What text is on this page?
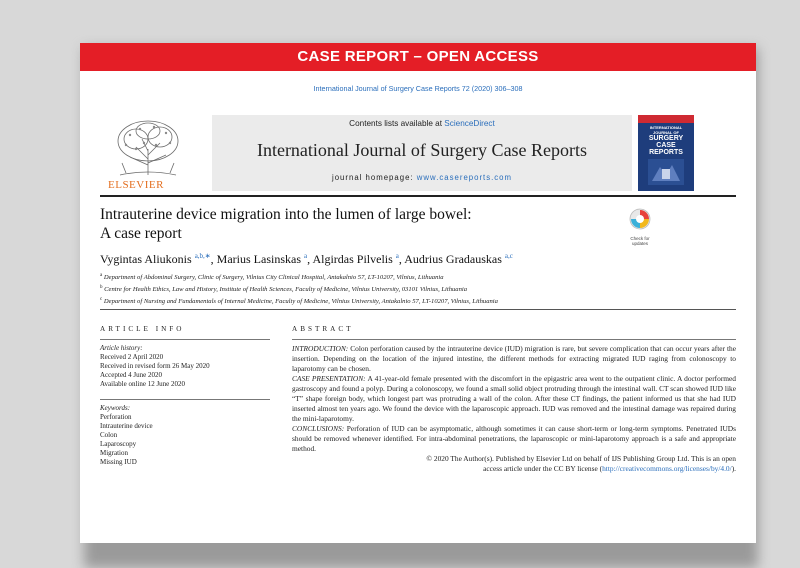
CASE REPORT – OPEN ACCESS
International Journal of Surgery Case Reports 72 (2020) 306–308
ELSEVIER
Contents lists available at ScienceDirect
International Journal of Surgery Case Reports
journal homepage: www.casereports.com
INTERNATIONAL JOURNAL OF
SURGERY
CASE
REPORTS
Intrauterine device migration into the lumen of large bowel:
A case report	Check for updates
Vygintas Aliukonis $^{a,b,∗}$, Marius Lasinskas $^a$, Algirdas Pilvelis $^a$, Audrius Gradauskas $^{a,c}$
$^a$ Department of Abdominal Surgery, Clinic of Surgery, Vilnius City Clinical Hospital, Antakalnio 57, LT-10207, Vilnius, Lithuania
$^b$ Centre for Health Ethics, Law and History, Institute of Health Sciences, Faculty of Medicine, Vilnius University, 03101 Vilnius, Lithuania
$^c$ Department of Nursing and Fundamentals of Internal Medicine, Faculty of Medicine, Vilnius University, Antakalnio 57, LT-10207, Vilnius, Lithuania
ARTICLE INFO	ABSTRACT
Article history:
Received 2 April 2020
Received in revised form 26 May 2020
Accepted 4 June 2020
Available online 12 June 2020
Keywords:
Perforation
Intrauterine device
Colon
Laparoscopy
Migration
Missing IUD
INTRODUCTION: Colon perforation caused by the intrauterine device (IUD) migration is rare, but severe complication that can occur years after the insertion. Depending on the location of the injured intestine, the different methods for extracting migrated IUD raging from colonoscopy to laparotomy can be chosen.
CASE PRESENTATION: A 41-year-old female presented with the discomfort in the epigastric area went to the outpatient clinic. A doctor performed gastroscopy and found a polyp. During a colonoscopy, we found a small solid object protruding through the intestinal wall. CT scan showed IUD like “T” shape foreign body, which longest part was protruding a wall of the colon. After these CT findings, the patient informed us that she had IUD inserted almost ten years ago. We found the device with the laparoscopic approach. IUD was removed and the intestinal damage was repaired during the mini-laparotomy.
CONCLUSIONS: Perforation of IUD can be asymptomatic, although sometimes it can cause short-term or long-term symptoms. Penetrated IUDs should be removed whenever identified. For intra-abdominal penetrations, the laparoscopic or mini-laparotomy approach is a safe and appropriate method.
© 2020 The Author(s). Published by Elsevier Ltd on behalf of IJS Publishing Group Ltd. This is an open
access article under the CC BY license (http://creativecommons.org/licenses/by/4.0/).
